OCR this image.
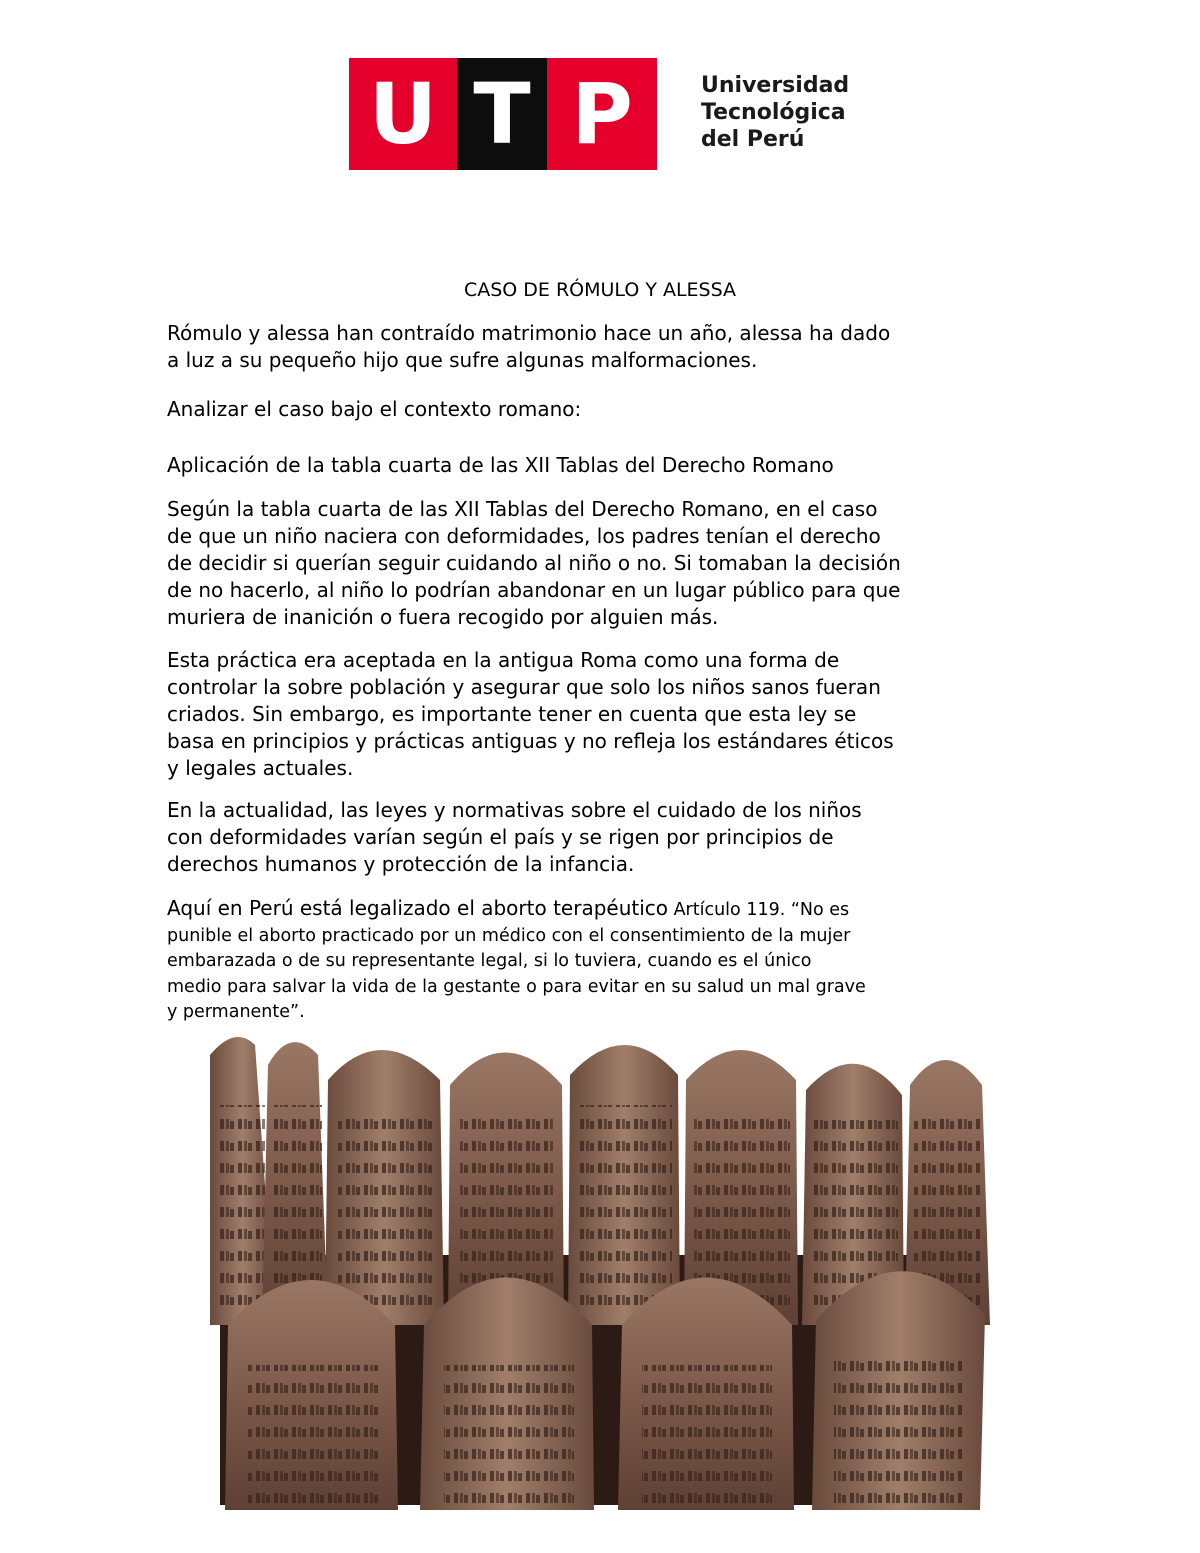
U T P	Universidad
Tecnológica
del Perú
CASO DE RÓMULO Y ALESSA
Rómulo y alessa han contraído matrimonio hace un año, alessa ha dado
a luz a su pequeño hijo que sufre algunas malformaciones.
Analizar el caso bajo el contexto romano:
Aplicación de la tabla cuarta de las XII Tablas del Derecho Romano
Según la tabla cuarta de las XII Tablas del Derecho Romano, en el caso
de que un niño naciera con deformidades, los padres tenían el derecho
de decidir si querían seguir cuidando al niño o no. Si tomaban la decisión
de no hacerlo, al niño lo podrían abandonar en un lugar público para que
muriera de inanición o fuera recogido por alguien más.
Esta práctica era aceptada en la antigua Roma como una forma de
controlar la sobre población y asegurar que solo los niños sanos fueran
criados. Sin embargo, es importante tener en cuenta que esta ley se
basa en principios y prácticas antiguas y no refleja los estándares éticos
y legales actuales.
En la actualidad, las leyes y normativas sobre el cuidado de los niños
con deformidades varían según el país y se rigen por principios de
derechos humanos y protección de la infancia.
Aquí en Perú está legalizado el aborto terapéutico Artículo 119. “No es
punible el aborto practicado por un médico con el consentimiento de la mujer
embarazada o de su representante legal, si lo tuviera, cuando es el único
medio para salvar la vida de la gestante o para evitar en su salud un mal grave
y permanente”.
